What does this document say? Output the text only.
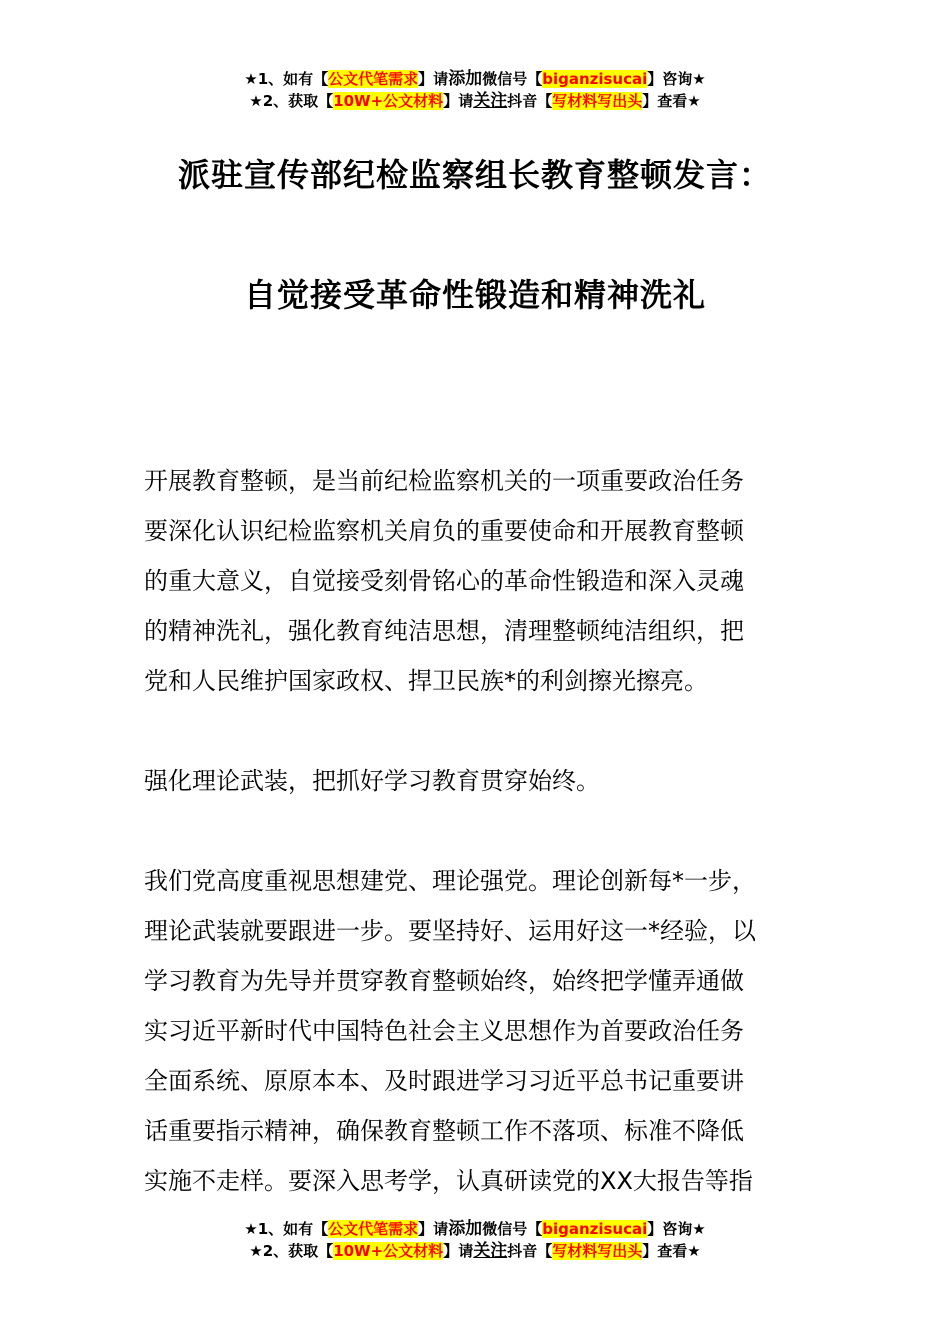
★1、如有【公文代笔需求】请添加微信号【biganzisucai】咨询★
★2、获取【10W+公文材料】请关注抖音【写材料写出头】查看★
派驻宣传部纪检监察组长教育整顿发言：
自觉接受革命性锻造和精神洗礼
开展教育整顿，是当前纪检监察机关的一项重要政治任务
要深化认识纪检监察机关肩负的重要使命和开展教育整顿
的重大意义，自觉接受刻骨铭心的革命性锻造和深入灵魂
的精神洗礼，强化教育纯洁思想，清理整顿纯洁组织，把
党和人民维护国家政权、捍卫民族*的利剑擦光擦亮。
强化理论武装，把抓好学习教育贯穿始终。
我们党高度重视思想建党、理论强党。理论创新每*一步，
理论武装就要跟进一步。要坚持好、运用好这一*经验，以
学习教育为先导并贯穿教育整顿始终，始终把学懂弄通做
实习近平新时代中国特色社会主义思想作为首要政治任务
全面系统、原原本本、及时跟进学习习近平总书记重要讲
话重要指示精神，确保教育整顿工作不落项、标准不降低
实施不走样。要深入思考学，认真研读党的XX大报告等指
★1、如有【公文代笔需求】请添加微信号【biganzisucai】咨询★
★2、获取【10W+公文材料】请关注抖音【写材料写出头】查看★
